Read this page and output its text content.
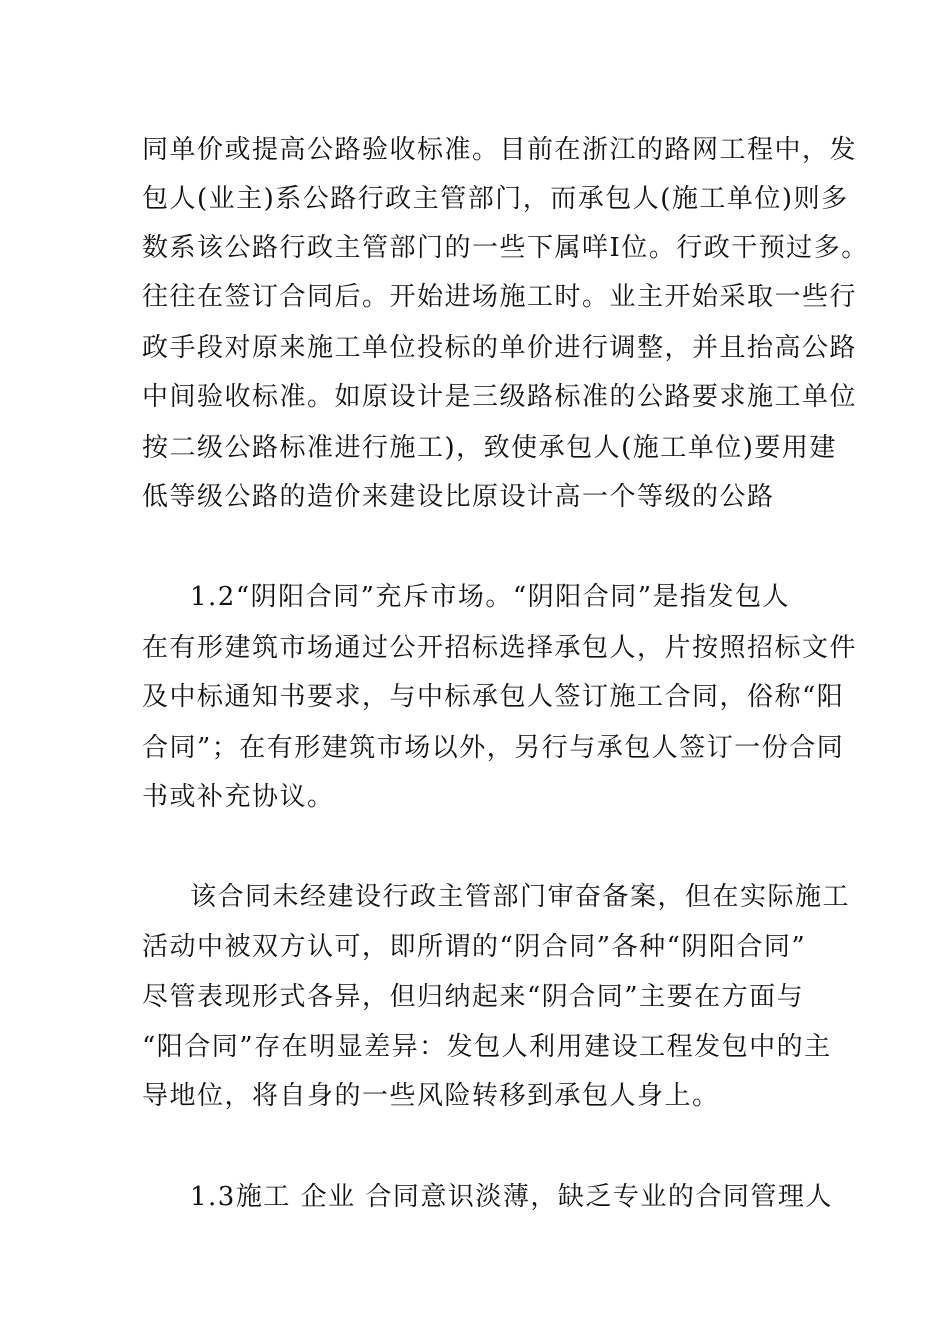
同单价或提高公路验收标准。目前在浙江的路网工程中，发
包人(业主)系公路行政主管部门，而承包人(施工单位)则多
数系该公路行政主管部门的一些下属咩Ⅰ位。行政干预过多。
往往在签订合同后。开始进场施工时。业主开始采取一些行
政手段对原来施工单位投标的单价进行调整，并且抬高公路
中间验收标准。如原设计是三级路标准的公路要求施工单位
按二级公路标准进行施工)，致使承包人(施工单位)要用建
低等级公路的造价来建设比原设计高一个等级的公路
1.2“阴阳合同”充斥市场。“阴阳合同”是指发包人
在有形建筑市场通过公开招标选择承包人，片按照招标文件
及中标通知书要求，与中标承包人签订施工合同，俗称“阳
合同”；在有形建筑市场以外，另行与承包人签订一份合同
书或补充协议。
该合同未经建设行政主管部门审奋备案，但在实际施工
活动中被双方认可，即所谓的“阴合同”各种“阴阳合同”
尽管表现形式各异，但归纳起来“阴合同”主要在方面与
“阳合同”存在明显差异：发包人利用建设工程发包中的主
导地位，将自身的一些风险转移到承包人身上。
1.3施工 企业 合同意识淡薄，缺乏专业的合同管理人
